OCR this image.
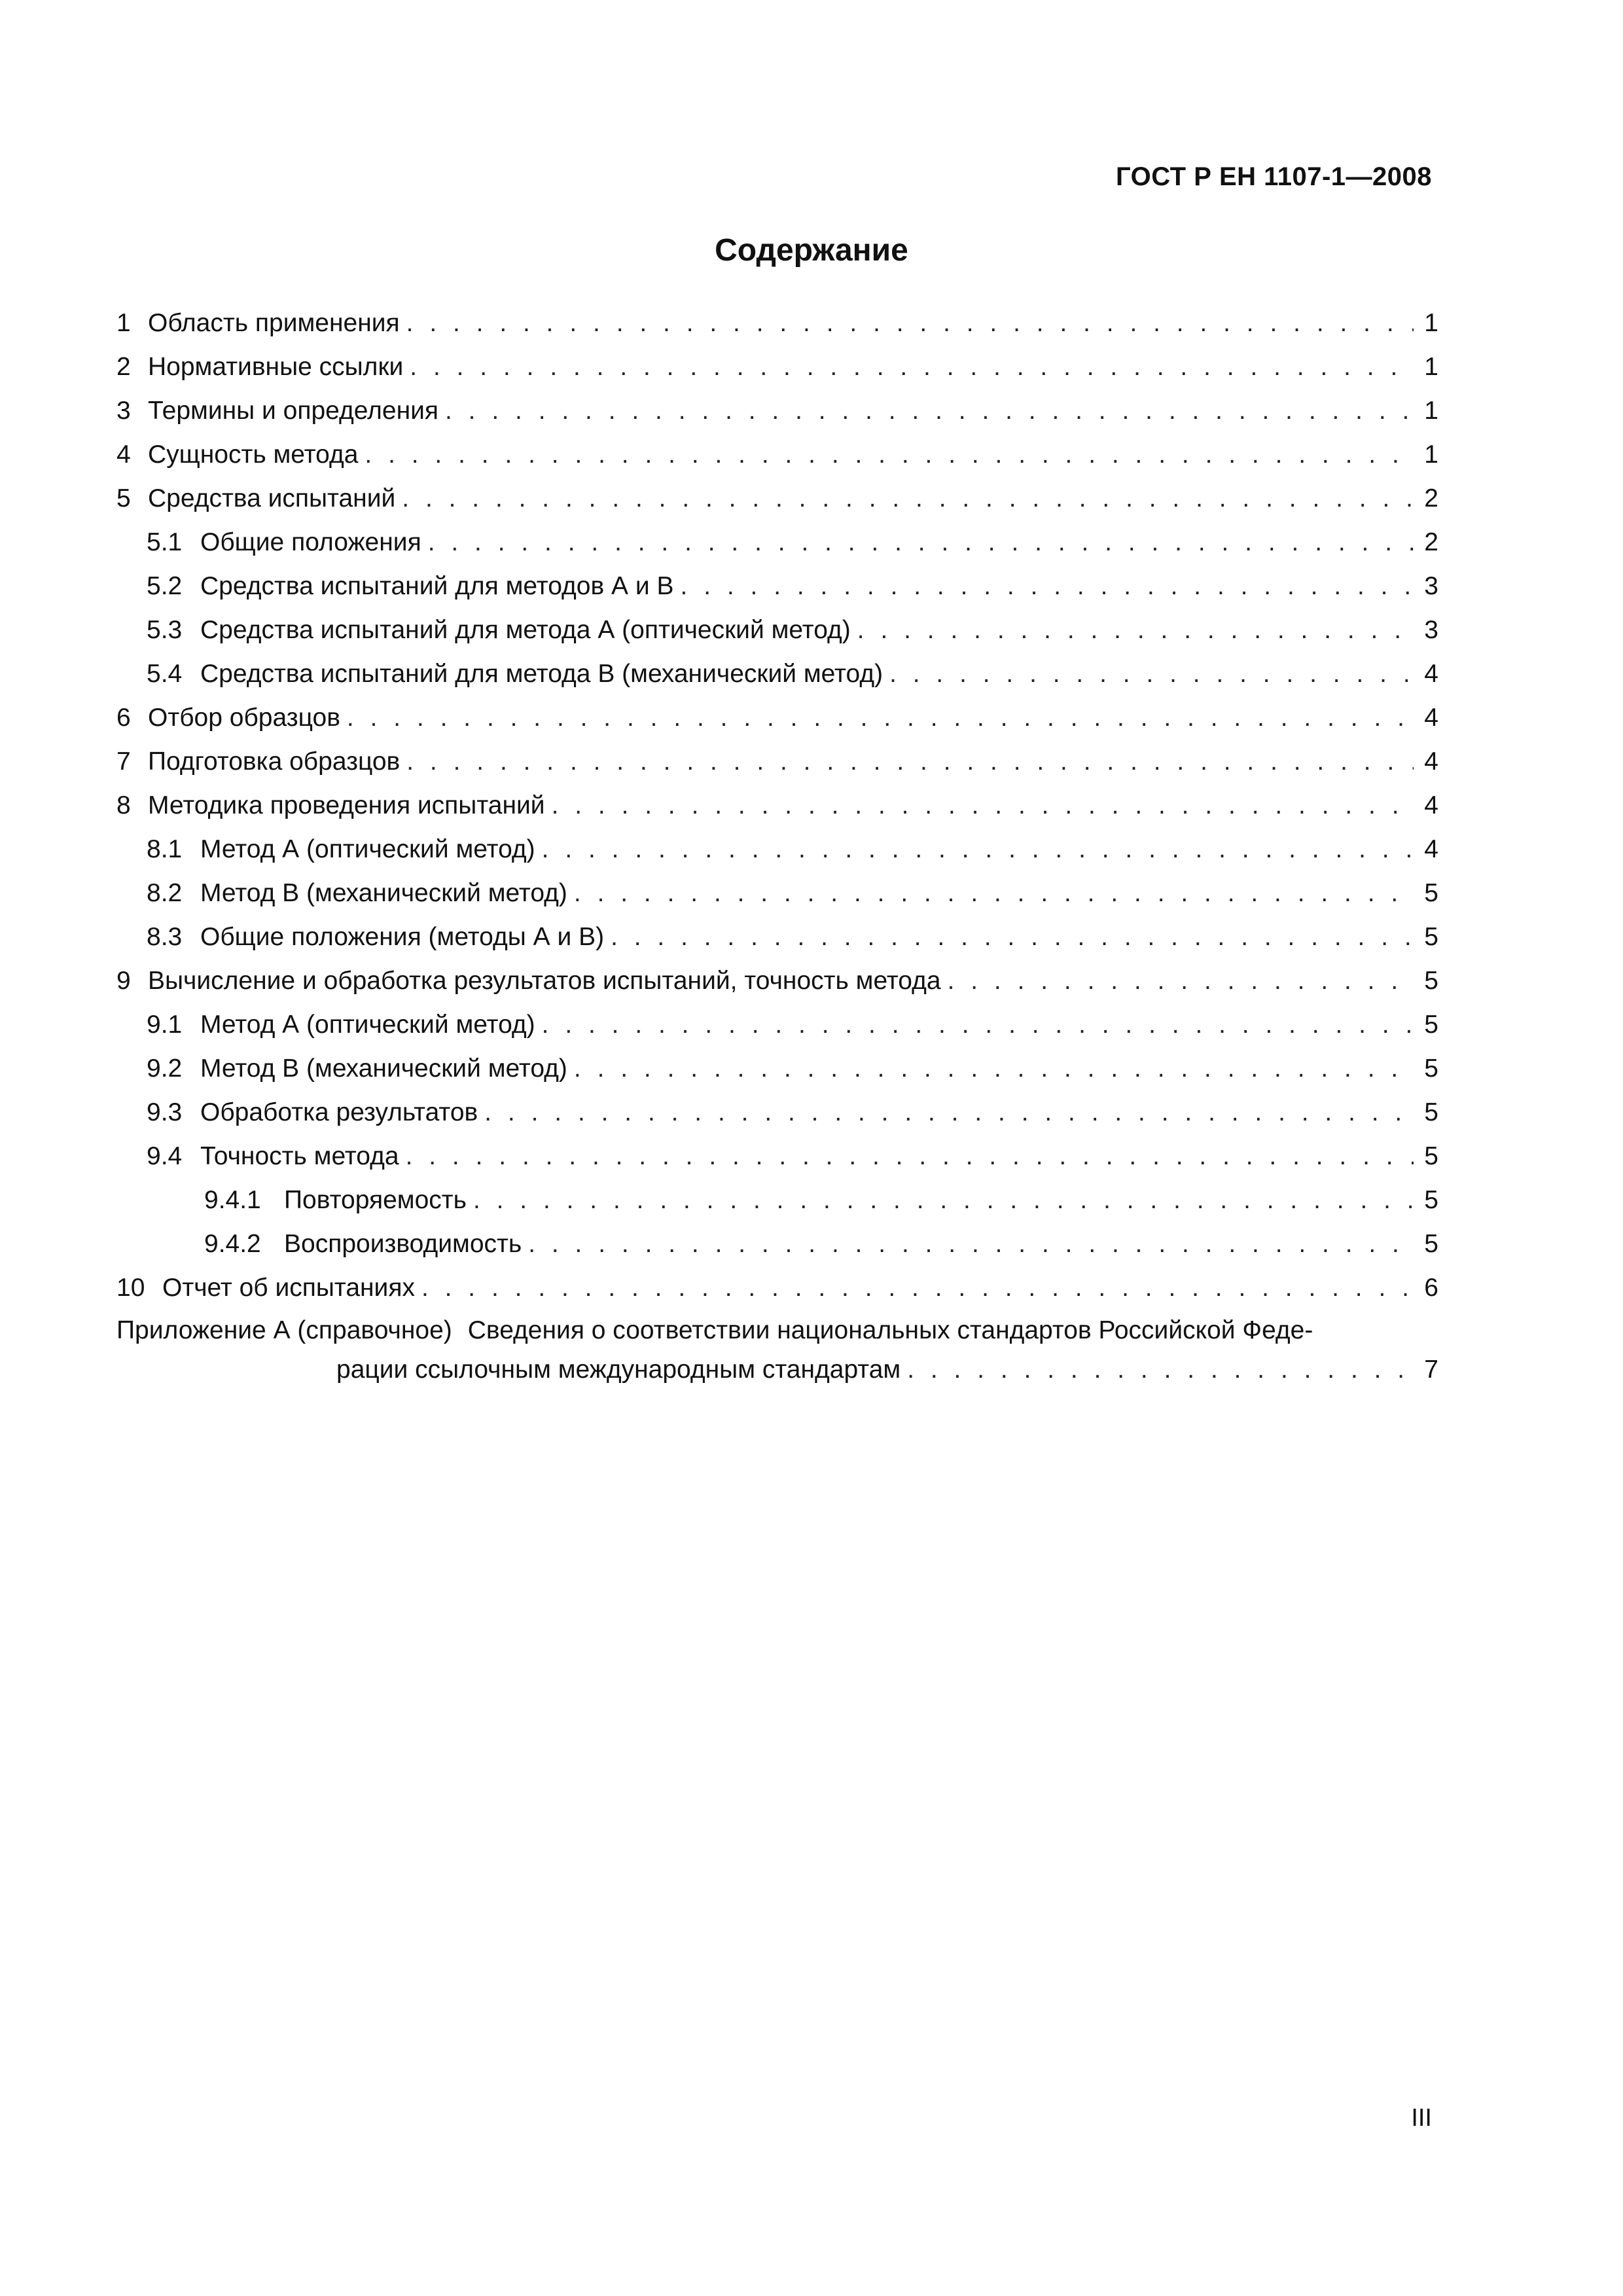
ГОСТ Р ЕН 1107-1—2008
Содержание
1 Область применения . . .	1
2 Нормативные ссылки . . .	1
3 Термины и определения . . .	1
4 Сущность метода . . .	1
5 Средства испытаний . . .	2
5.1 Общие положения . . .	2
5.2 Средства испытаний для методов А и В . . .	3
5.3 Средства испытаний для метода А (оптический метод) . . .	3
5.4 Средства испытаний для метода В (механический метод) . . .	4
6 Отбор образцов . . .	4
7 Подготовка образцов . . .	4
8 Методика проведения испытаний . . .	4
8.1 Метод А (оптический метод) . . .	4
8.2 Метод В (механический метод) . . .	5
8.3 Общие положения (методы А и В) . . .	5
9 Вычисление и обработка результатов испытаний, точность метода . . .	5
9.1 Метод А (оптический метод) . . .	5
9.2 Метод В (механический метод) . . .	5
9.3 Обработка результатов . . .	5
9.4 Точность метода . . .	5
9.4.1 Повторяемость . . .	5
9.4.2 Воспроизводимость . . .	5
10 Отчет об испытаниях . . .	6
Приложение А (справочное) Сведения о соответствии национальных стандартов Российской Феде-
рации ссылочным международным стандартам . . .	7
III
